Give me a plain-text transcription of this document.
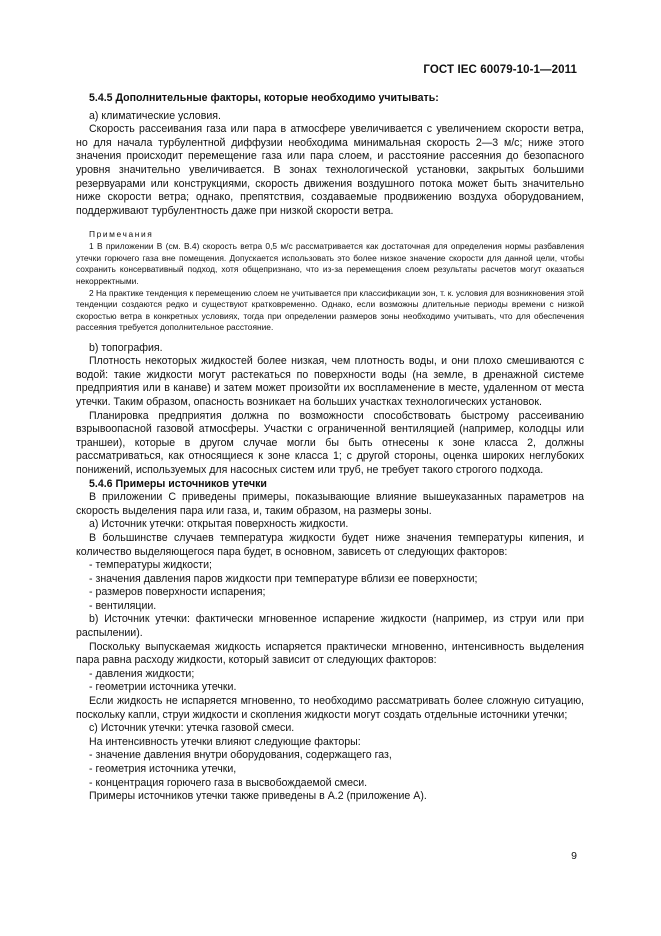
ГОСТ IEC 60079-10-1—2011

5.4.5 Дополнительные факторы, которые необходимо учитывать:

а) климатические условия.

Скорость рассеивания газа или пара в атмосфере увеличивается с увеличением скорости ветра, но для начала турбулентной диффузии необходима минимальная скорость 2—3 м/с; ниже этого значения происходит перемещение газа или пара слоем, и расстояние рассеяния до безопасного уровня значительно увеличивается. В зонах технологической установки, закрытых большими резервуарами или конструкциями, скорость движения воздушного потока может быть значительно ниже скорости ветра; однако, препятствия, создаваемые продвижению воздуха оборудованием, поддерживают турбулентность даже при низкой скорости ветра.

Примечания

1 В приложении В (см. В.4) скорость ветра 0,5 м/с рассматривается как достаточная для определения нормы разбавления утечки горючего газа вне помещения. Допускается использовать это более низкое значение скорости для данной цели, чтобы сохранить консервативный подход, хотя общепризнано, что из-за перемещения слоем результаты расчетов могут оказаться некорректными.

2 На практике тенденция к перемещению слоем не учитывается при классификации зон, т. к. условия для возникновения этой тенденции создаются редко и существуют кратковременно. Однако, если возможны длительные периоды времени с низкой скоростью ветра в конкретных условиях, тогда при определении размеров зоны необходимо учитывать, что для обеспечения рассеяния требуется дополнительное расстояние.

b) топография.

Плотность некоторых жидкостей более низкая, чем плотность воды, и они плохо смешиваются с водой: такие жидкости могут растекаться по поверхности воды (на земле, в дренажной системе предприятия или в канаве) и затем может произойти их воспламенение в месте, удаленном от места утечки. Таким образом, опасность возникает на больших участках технологических установок.

Планировка предприятия должна по возможности способствовать быстрому рассеиванию взрывоопасной газовой атмосферы. Участки с ограниченной вентиляцией (например, колодцы или траншеи), которые в другом случае могли бы быть отнесены к зоне класса 2, должны рассматриваться, как относящиеся к зоне класса 1; с другой стороны, оценка широких неглубоких понижений, используемых для насосных систем или труб, не требует такого строгого подхода.

5.4.6 Примеры источников утечки

В приложении С приведены примеры, показывающие влияние вышеуказанных параметров на скорость выделения пара или газа, и, таким образом, на размеры зоны.

а) Источник утечки: открытая поверхность жидкости.

В большинстве случаев температура жидкости будет ниже значения температуры кипения, и количество выделяющегося пара будет, в основном, зависеть от следующих факторов:

- температуры жидкости;

- значения давления паров жидкости при температуре вблизи ее поверхности;

- размеров поверхности испарения;

- вентиляции.

b) Источник утечки: фактически мгновенное испарение жидкости (например, из струи или при распылении).

Поскольку выпускаемая жидкость испаряется практически мгновенно, интенсивность выделения пара равна расходу жидкости, который зависит от следующих факторов:

- давления жидкости;

- геометрии источника утечки.

Если жидкость не испаряется мгновенно, то необходимо рассматривать более сложную ситуацию, поскольку капли, струи жидкости и скопления жидкости могут создать отдельные источники утечки;

c) Источник утечки: утечка газовой смеси.

На интенсивность утечки влияют следующие факторы:

- значение давления внутри оборудования, содержащего газ,

- геометрия источника утечки,

- концентрация горючего газа в высвобождаемой смеси.

Примеры источников утечки также приведены в А.2 (приложение А).

9
